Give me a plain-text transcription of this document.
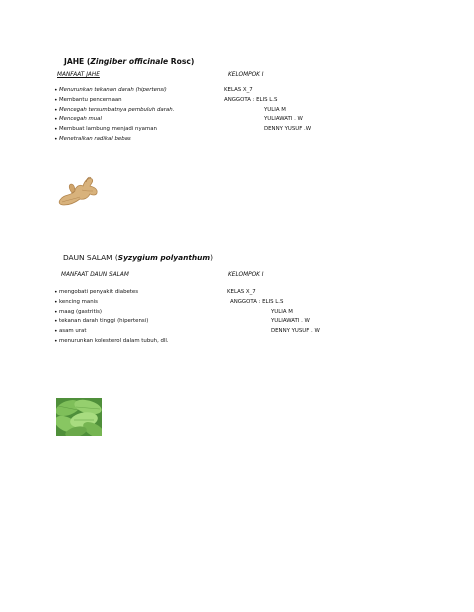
JAHE (Zingiber officinale Rosc)
MANFAAT JAHE	KELOMPOK I
• Menurunkan tekanan darah (hipertensi)
• Membantu pencernaan
• Mencegah tersumbatnya pembuluh darah.
• Mencegah mual
• Membuat lambung menjadi nyaman
• Menetralkan radikal bebas
KELAS X_7
ANGGOTA : ELIS L.S
YULIA M
YULIAWATI . W
DENNY YUSUF .W
DAUN SALAM (Syzygium polyanthum)
MANFAAT DAUN SALAM	KELOMPOK I
• mengobati penyakit diabetes
• kencing manis
• maag (gastritis)
• tekanan darah tinggi (hipertensi)
• asam urat
• menurunkan kolesterol dalam tubuh, dll.
KELAS X_7
ANGGOTA : ELIS L.S
YULIA M
YULIAWATI . W
DENNY YUSUF . W
